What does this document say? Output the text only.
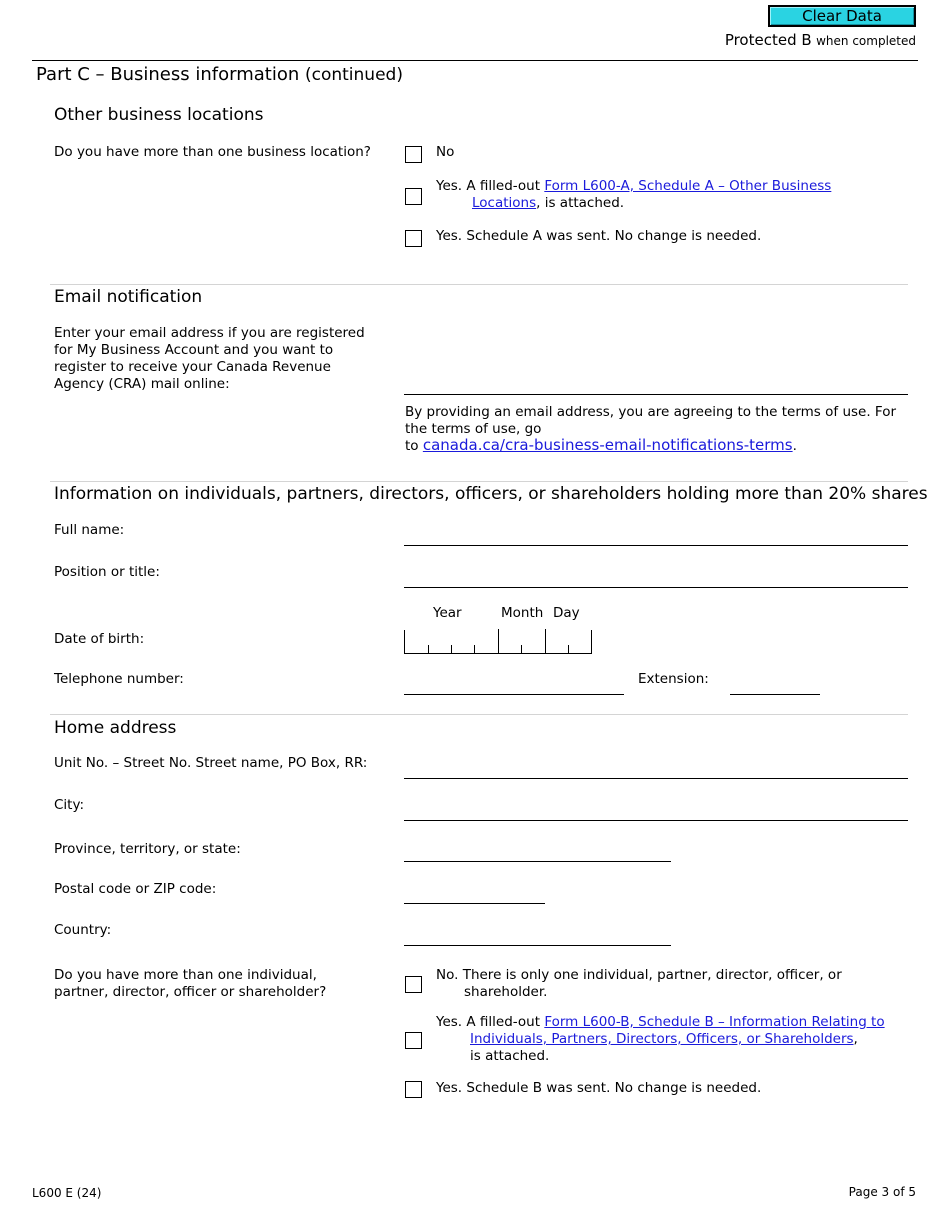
Clear Data
Protected B when completed
Part C – Business information (continued)
Other business locations
Do you have more than one business location?	No
Yes. A filled-out Form L600-A, Schedule A – Other Business
Locations, is attached.
Yes. Schedule A was sent. No change is needed.
Email notification
Enter your email address if you are registered
for My Business Account and you want to
register to receive your Canada Revenue
Agency (CRA) mail online:
By providing an email address, you are agreeing to the terms of use. For
the terms of use, go
to canada.ca/cra-business-email-notifications-terms.
Information on individuals, partners, directors, officers, or shareholders holding more than 20% shares
Full name:
Position or title:
Year	Month Day
Date of birth:
Telephone number:	Extension:
Home address
Unit No. – Street No. Street name, PO Box, RR:
City:
Province, territory, or state:
Postal code or ZIP code:
Country:
Do you have more than one individual,
partner, director, officer or shareholder?
No. There is only one individual, partner, director, officer, or
shareholder.
Yes. A filled-out Form L600-B, Schedule B – Information Relating to
Individuals, Partners, Directors, Officers, or Shareholders,
is attached.
Yes. Schedule B was sent. No change is needed.
L600 E (24)	Page 3 of 5
